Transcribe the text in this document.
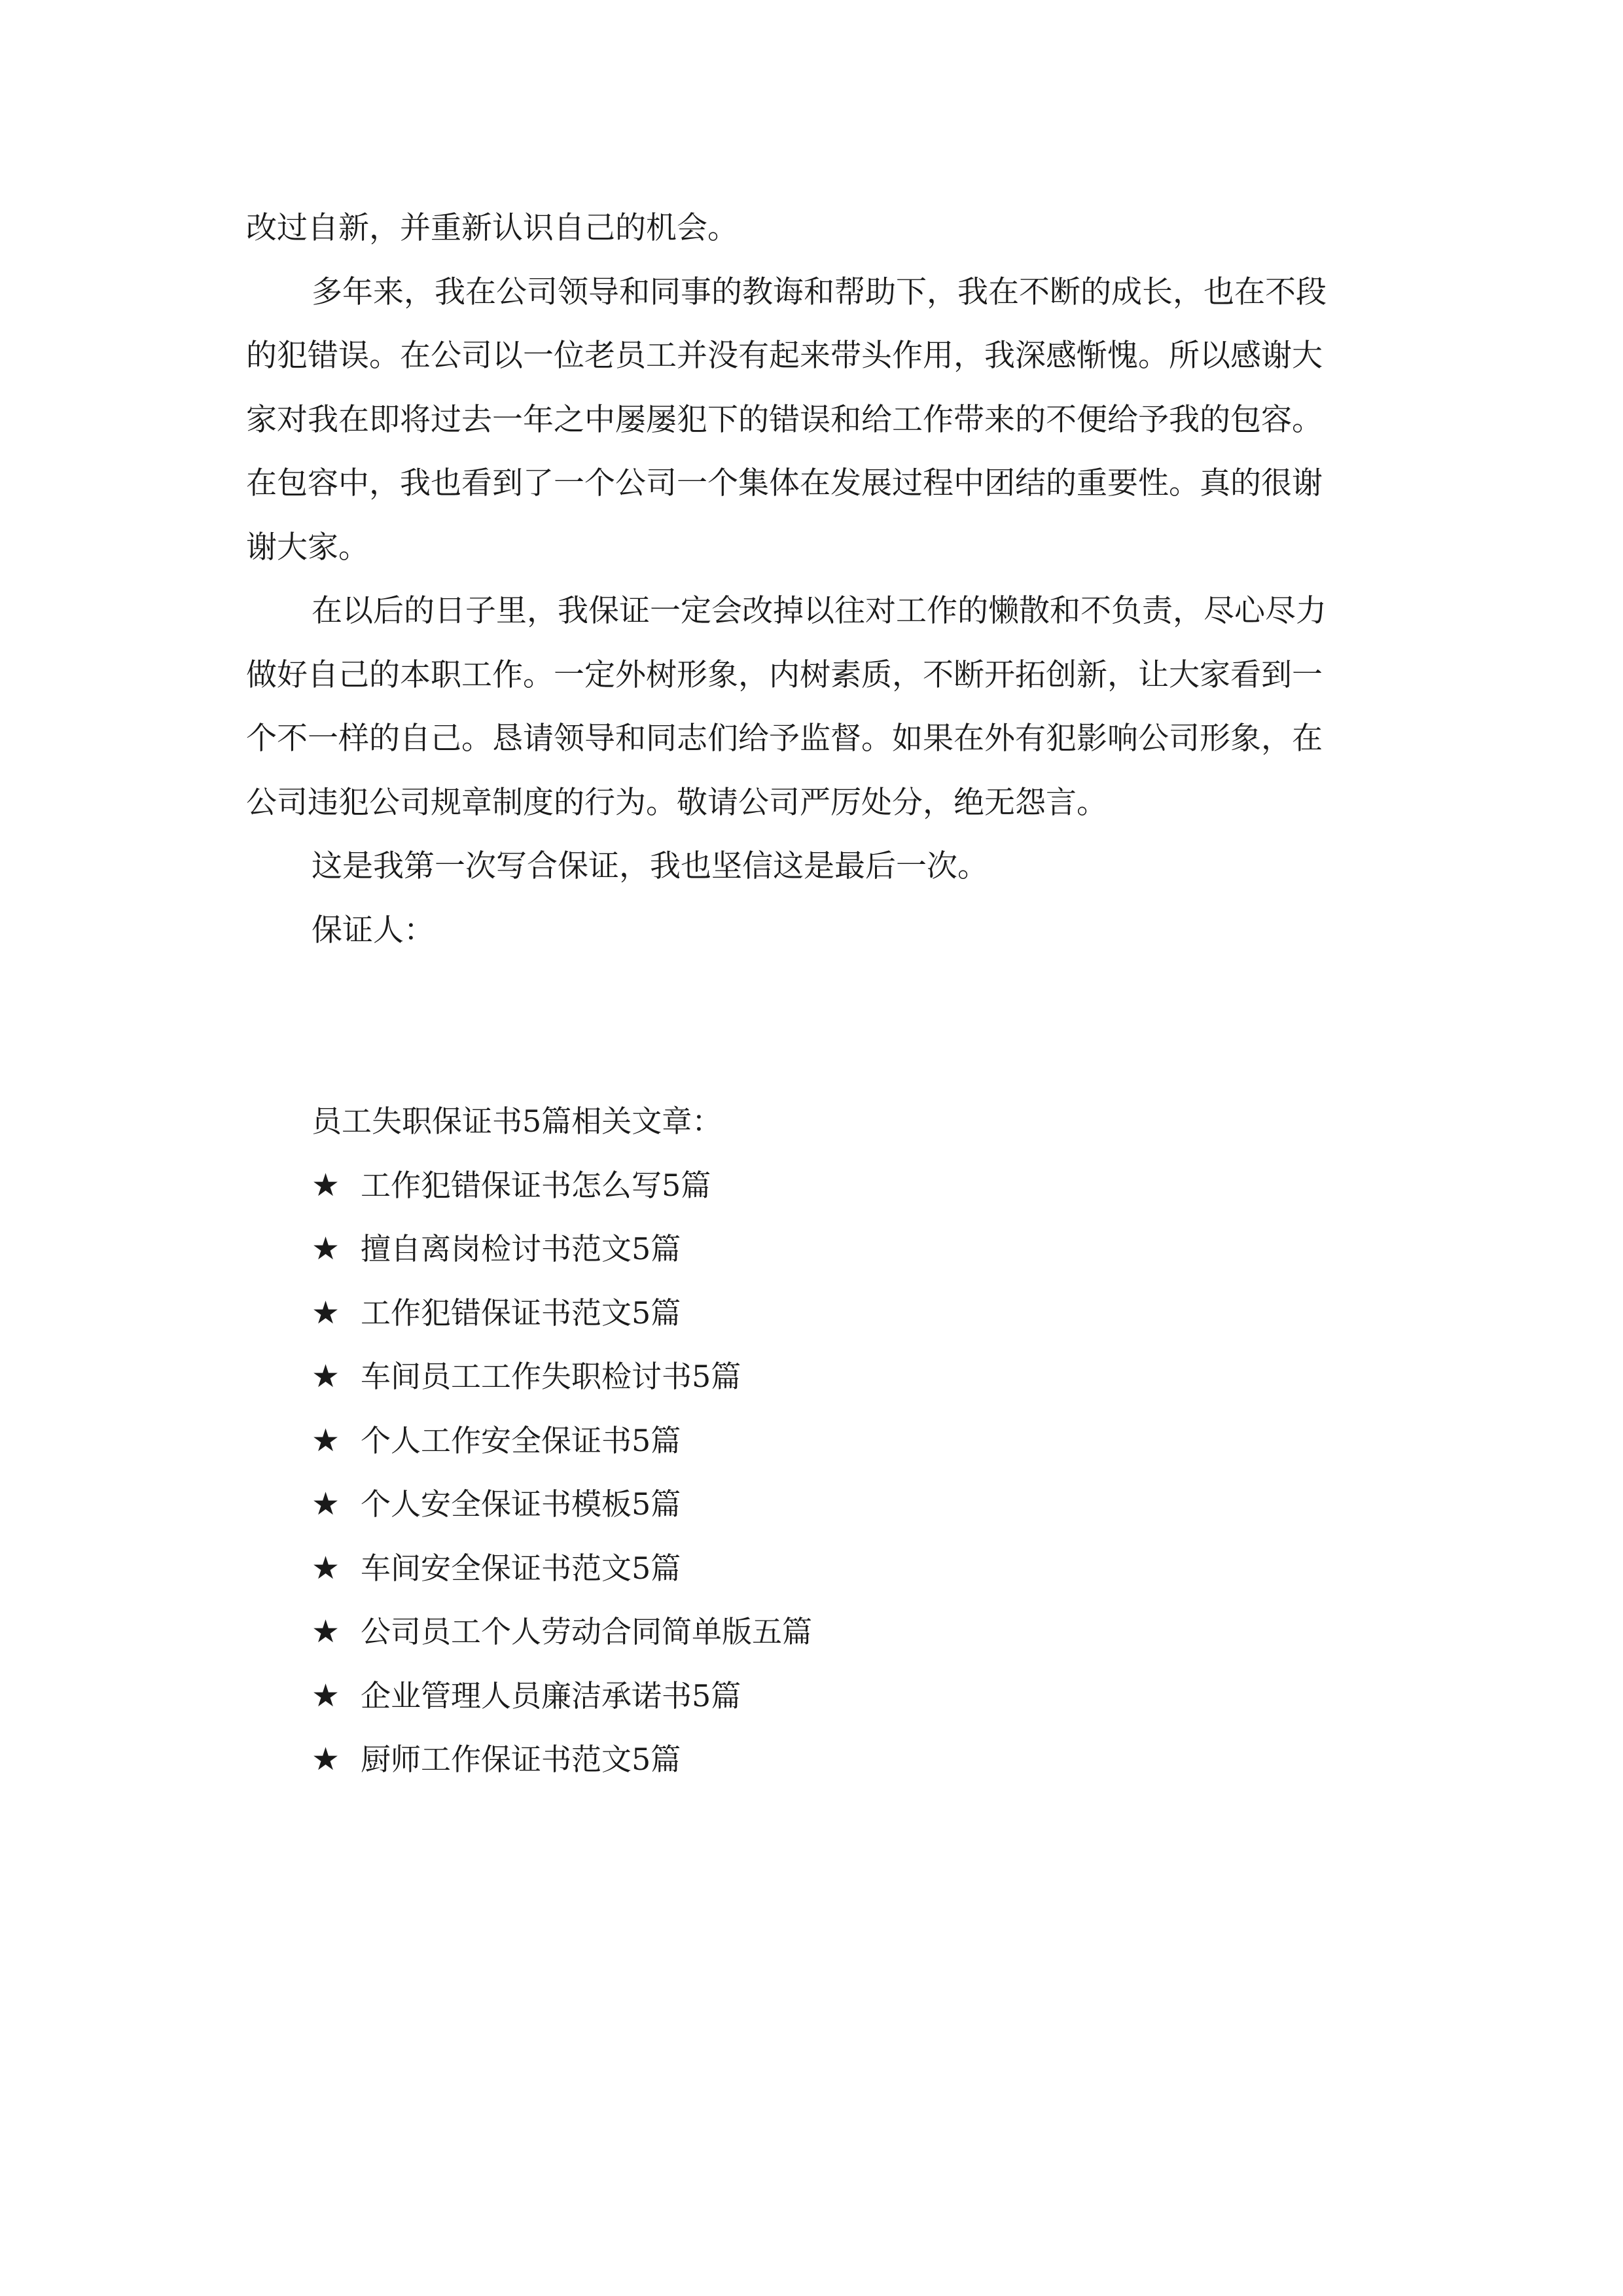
改过自新，并重新认识自己的机会。
多年来，我在公司领导和同事的教诲和帮助下，我在不断的成长，也在不段
的犯错误。在公司以一位老员工并没有起来带头作用，我深感惭愧。所以感谢大
家对我在即将过去一年之中屡屡犯下的错误和给工作带来的不便给予我的包容。
在包容中，我也看到了一个公司一个集体在发展过程中团结的重要性。真的很谢
谢大家。
在以后的日子里，我保证一定会改掉以往对工作的懒散和不负责，尽心尽力
做好自己的本职工作。一定外树形象，内树素质，不断开拓创新，让大家看到一
个不一样的自己。恳请领导和同志们给予监督。如果在外有犯影响公司形象，在
公司违犯公司规章制度的行为。敬请公司严厉处分，绝无怨言。
这是我第一次写合保证，我也坚信这是最后一次。
保证人：
员工失职保证书5篇相关文章：
★ 工作犯错保证书怎么写5篇
★ 擅自离岗检讨书范文5篇
★ 工作犯错保证书范文5篇
★ 车间员工工作失职检讨书5篇
★ 个人工作安全保证书5篇
★ 个人安全保证书模板5篇
★ 车间安全保证书范文5篇
★ 公司员工个人劳动合同简单版五篇
★ 企业管理人员廉洁承诺书5篇
★ 厨师工作保证书范文5篇
